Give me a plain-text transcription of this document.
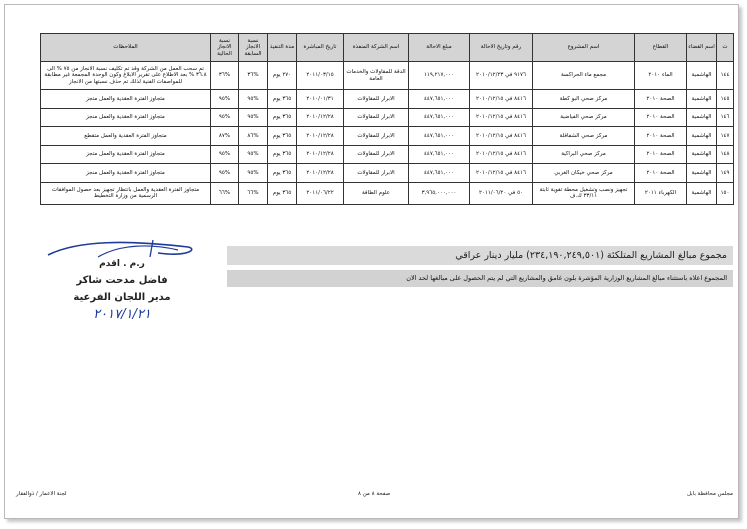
ت	اسم القضاء	القطاع	اسم المشروع	رقم وتاريخ الاحالة	مبلغ الاحالة	اسم الشركة المنفذة	تاريخ المباشرة	مدة التنفيذ	نسبة الانجاز السابقة	نسبة الانجاز الحالية	الملاحظات
١٤٤	الهاشمية	الماء ٢٠١٠	مجمع ماء الحراكسة	٩١٧٦ في ٢٠١٠/١٢/٢٣	١١٩,٢١٧,٠٠٠	الدقة للمقاولات والخدمات العامة	٢٠١١/٠٣/١٥	٢٧٠ يوم	%٣٦	%٣٦	تم سحب العمل من الشركة وقد تم تكليف نسبة الانجاز من ٧٥ % الى ٣٦.٨ % بعد الاطلاع على تقرير الابلاغ وكون الوحدة المجمعة غير مطابقة للمواصفات الفنية لذلك تم حذف نسبتها من الانجاز
١٤٥	الهاشمية	الصحة ٢٠١٠	مركز صحي البو كطة	٨٤١٦ في ٢٠١٠/١٢/١٥	٤٤٧,٦٥١,٠٠٠	الابرار للمقاولات	٢٠١٠/٠١/٣١	٣٦٥ يوم	%٩٥	%٩٥	متجاوز الفترة العقدية والعمل متجز
١٤٦	الهاشمية	الصحة ٢٠١٠	مركز صحي الفياضية	٨٤١٦ في ٢٠١٠/١٢/١٥	٤٤٧,٦٥١,٠٠٠	الابرار للمقاولات	٢٠١٠/١٢/٢٨	٣٦٥ يوم	%٩٥	%٩٥	متجاوز الفترة العقدية والعمل منجز
١٤٧	الهاشمية	الصحة ٢٠١٠	مركز صحي الشفافلة	٨٤١٦ في ٢٠١٠/١٢/١٥	٤٤٧,٦٥١,٠٠٠	الابرار للمقاولات	٢٠١٠/١٢/٢٨	٣٦٥ يوم	%٨٦	%٨٧	متجاوز الفترة العقدية والعمل متقطع
١٤٨	الهاشمية	الصحة ٢٠١٠	مركز صحي البراكية	٨٤١٦ في ٢٠١٠/١٢/١٥	٤٤٧,٦٥١,٠٠٠	الابرار للمقاولات	٢٠١٠/١٢/٢٨	٣٦٥ يوم	%٩٥	%٩٥	متجاوز الفترة العقدية والعمل متجز
١٤٩	الهاشمية	الصحة ٢٠١٠	مركز صحي خيكان الغربي	٨٤١٦ في ٢٠١٠/١٢/١٥	٤٤٧,٦٥١,٠٠٠	الابرار للمقاولات	٢٠١٠/١٢/٢٨	٣٦٥ يوم	%٩٥	%٩٥	متجاوز الفترة العقدية والعمل منجز
١٥٠	الهاشمية	الكهرباء ٢٠١١	تجهيز ونصب وتشغيل محطة تقوية ثابتة ٣٣/١١ ك.ف	٥٠ في ٢٠١١/٠٦/٢٠	٣,٩٦٥,٠٠٠,٠٠٠	علوم الطاقة	٢٠١١/٠٦/٢٢	٣٦٥ يوم	%٦٦	%٦٦	متجاوز الفترة العقدية والعمل بانتظار تجهيز بعد حصول الموافقات الرسمية من وزارة التخطيط
مجموع مبالغ المشاريع المتلكئة (٢٣٤,١٩٠,٢٤٩,٥٠١) مليار دينار عراقي
المجموع اعلاه باستثناء مبالغ المشاريع الوزارية المؤشرة بلون غامق والمشاريع التي لم يتم الحصول على مبالغها لحد الان
ر.م . اقدم
فاضل مدحت شاكر
مدير اللجان الفرعية
٢٠١٧/١/٢١
مجلس محافظة بابل
صفحة ٨ من ٨
لجنة الاعمار / ذوالفقار
